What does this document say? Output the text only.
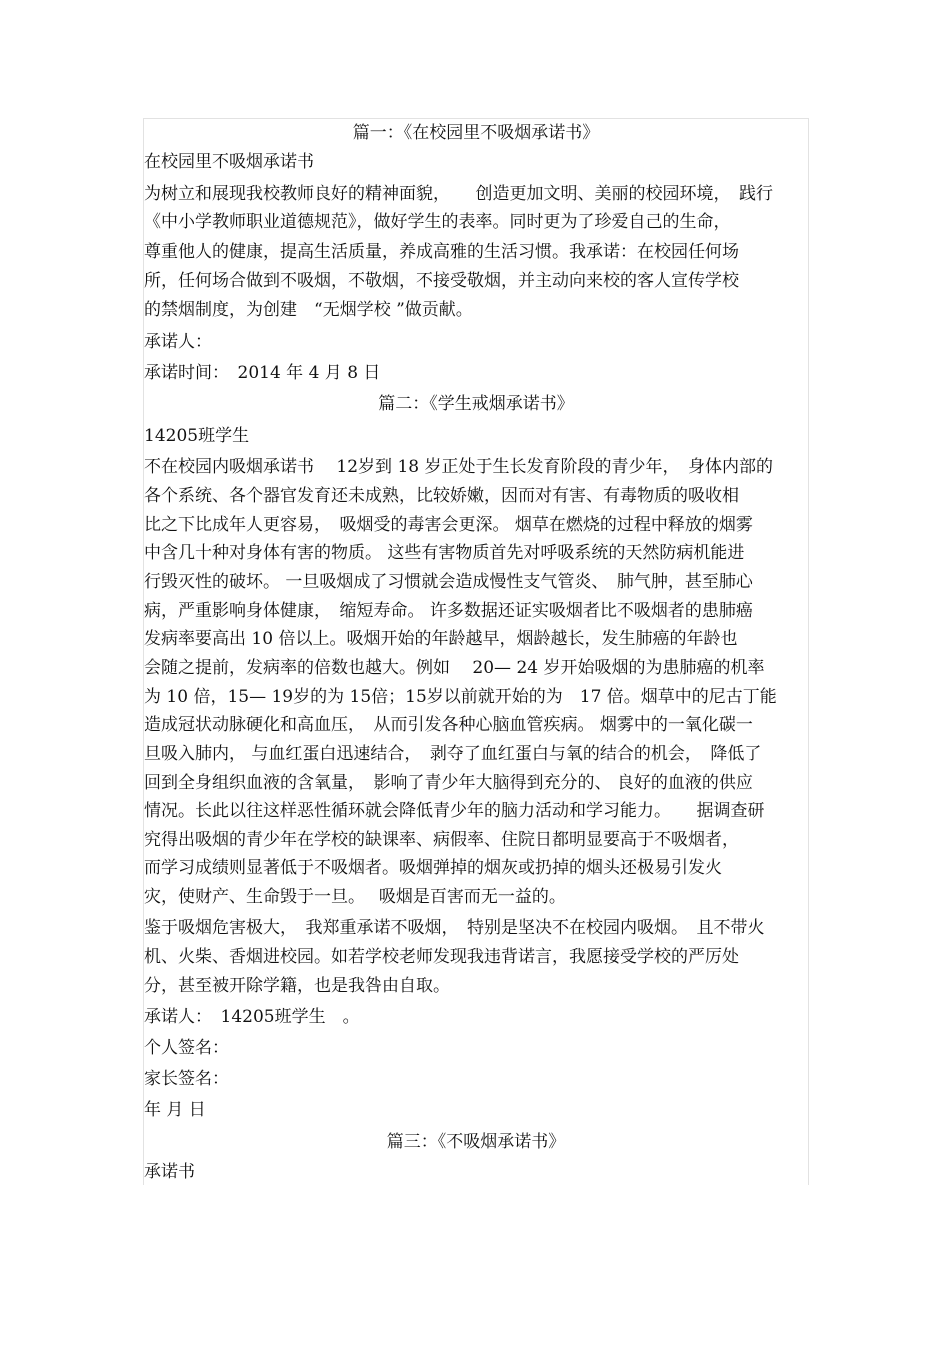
篇一：《在校园里不吸烟承诺书》
在校园里不吸烟承诺书
为树立和展现我校教师良好的精神面貌，　　创造更加文明、美丽的校园环境，　践行
《中小学教师职业道德规范》，做好学生的表率。同时更为了珍爱自己的生命，
尊重他人的健康，提高生活质量，养成高雅的生活习惯。我承诺：在校园任何场
所，任何场合做到不吸烟，不敬烟，不接受敬烟，并主动向来校的客人宣传学校
的禁烟制度，为创建　“无烟学校 ”做贡献。
承诺人：
承诺时间：　2014 年 4 月 8 日
篇二：《学生戒烟承诺书》
14205班学生
不在校园内吸烟承诺书　 12岁到 18 岁正处于生长发育阶段的青少年，　身体内部的
各个系统、各个器官发育还未成熟，比较娇嫩，因而对有害、有毒物质的吸收相
比之下比成年人更容易，　吸烟受的毒害会更深。 烟草在燃烧的过程中释放的烟雾
中含几十种对身体有害的物质。 这些有害物质首先对呼吸系统的天然防病机能进
行毁灭性的破坏。 一旦吸烟成了习惯就会造成慢性支气管炎、　肺气肿，甚至肺心
病，严重影响身体健康，　缩短寿命。 许多数据还证实吸烟者比不吸烟者的患肺癌
发病率要高出 10 倍以上。吸烟开始的年龄越早，烟龄越长，发生肺癌的年龄也
会随之提前，发病率的倍数也越大。例如　 20— 24 岁开始吸烟的为患肺癌的机率
为 10 倍，15— 19岁的为 15倍；15岁以前就开始的为　17 倍。烟草中的尼古丁能
造成冠状动脉硬化和高血压，　从而引发各种心脑血管疾病。 烟雾中的一氧化碳一
旦吸入肺内， 与血红蛋白迅速结合，　剥夺了血红蛋白与氧的结合的机会，　降低了
回到全身组织血液的含氧量，　影响了青少年大脑得到充分的、 良好的血液的供应
情况。长此以往这样恶性循环就会降低青少年的脑力活动和学习能力。　　据调查研
究得出吸烟的青少年在学校的缺课率、病假率、住院日都明显要高于不吸烟者，
而学习成绩则显著低于不吸烟者。吸烟弹掉的烟灰或扔掉的烟头还极易引发火
灾，使财产、生命毁于一旦。　 吸烟是百害而无一益的。
鉴于吸烟危害极大，　我郑重承诺不吸烟，　特别是坚决不在校园内吸烟。　且不带火
机、火柴、香烟进校园。如若学校老师发现我违背诺言，我愿接受学校的严厉处
分，甚至被开除学籍，也是我咎由自取。
承诺人：　14205班学生　。
个人签名：
家长签名：
年 月 日
篇三：《不吸烟承诺书》
承诺书
